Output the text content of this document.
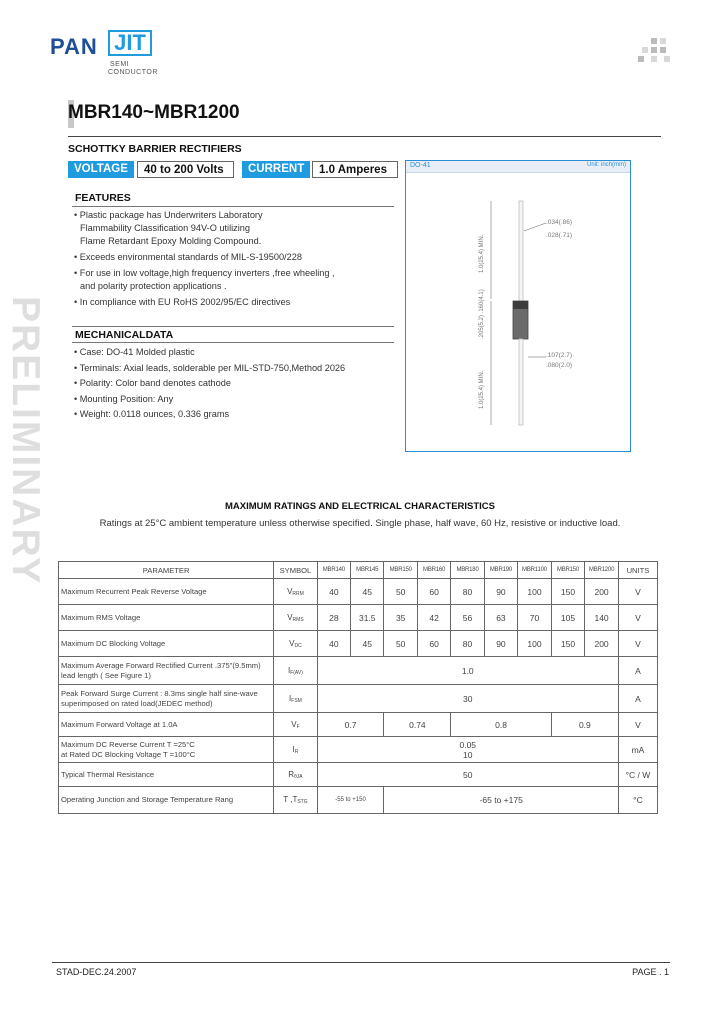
PAN JIT
SEMI
CONDUCTOR
MBR140~MBR1200
SCHOTTKY BARRIER RECTIFIERS
VOLTAGE	40 to 200 Volts	CURRENT	1.0 Amperes
FEATURES
• Plastic package has Underwriters Laboratory
Flammability Classification 94V-O utilizing
Flame Retardant Epoxy Molding Compound.
• Exceeds environmental standards of MIL-S-19500/228
• For use in low voltage,high frequency inverters ,free wheeling ,
and polarity protection applications .
• In compliance with EU RoHS 2002/95/EC directives
MECHANICALDATA
• Case: DO-41 Molded plastic
• Terminals: Axial leads, solderable per MIL-STD-750,Method 2026
• Polarity: Color band denotes cathode
• Mounting Position: Any
• Weight: 0.0118 ounces, 0.336 grams
DO-41	Unit: inch(mm)
.034(.86)
.028(.71)
.107(2.7)
.080(2.0)
1.0(25.4) MIN.
.205(5.2) .160(4.1)
1.0(25.4) MIN.
PRELIMINARY	MAXIMUM RATINGS AND ELECTRICAL CHARACTERISTICS
Ratings at 25°C ambient temperature unless otherwise specified. Single phase, half wave, 60 Hz, resistive or inductive load.
PARAMETER	SYMBOL	MBR140	MBR145	MBR150	MBR160	MBR180	MBR190	MBR1100	MBR150	MBR1200	UNITS
Maximum Recurrent Peak Reverse Voltage	$V_{RRM}$	40	45	50	60	80	90	100	150	200	V
Maximum RMS Voltage	$V_{RMS}$	28	31.5	35	42	56	63	70	105	140	V
Maximum DC Blocking Voltage	$V_{DC}$	40	45	50	60	80	90	100	150	200	V

Maximum Average Forward Rectified Current .375"(9.5mm)
lead length ( See Figure 1)	$I_{F(AV)}$	1.0									A

Peak Forward Surge Current : 8.3ms single half sine-wave
superimposed on rated load(JEDEC method)	$I_{FSM}$	30									A
Maximum Forward Voltage at 1.0A	$V_F$	0.7		0.74		0.8			0.9		V

Maximum DC Reverse Current T =25°C
at Rated DC Blocking Voltage T =100°C	$I_R$	0.05
10									mA
Typical Thermal Resistance	$R_{\theta JA}$	50									°C / W
Operating Junction and Storage Temperature Rang	T $,T_{STG}$	-55 to +150		-65 to +175							°C
STAD-DEC.24.2007	PAGE . 1
